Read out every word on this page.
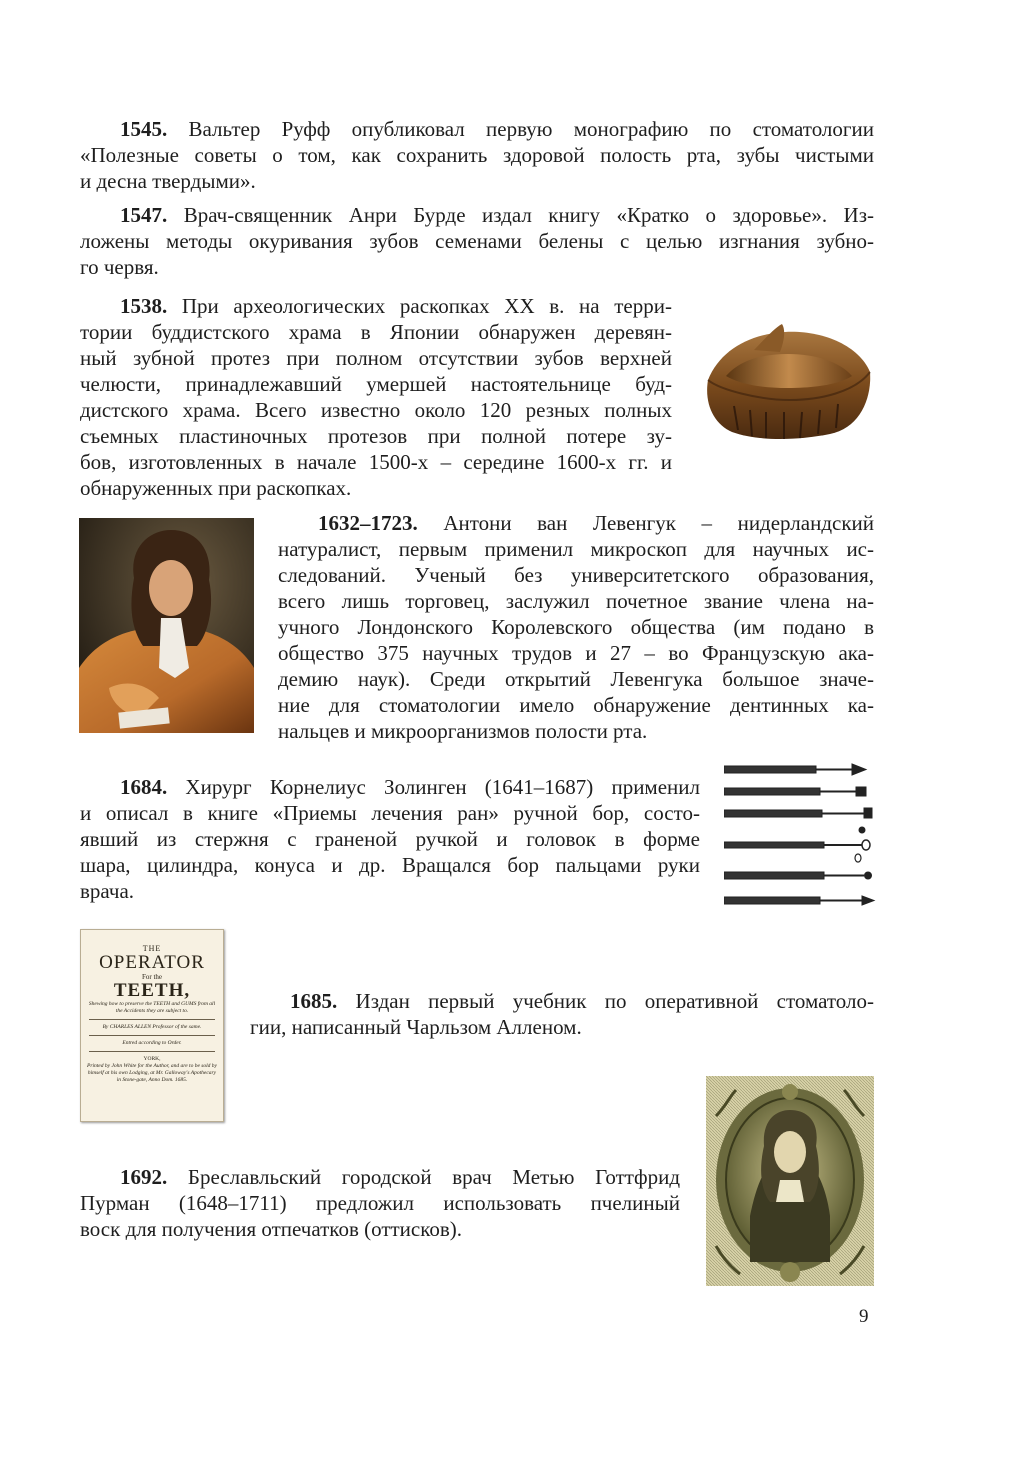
1545. Вальтер Руфф опубликовал первую монографию по стоматологии
«Полезные советы о том, как сохранить здоровой полость рта, зубы чистыми
и десна твердыми».
1547. Врач-священник Анри Бурде издал книгу «Кратко о здоровье». Из-
ложены методы окуривания зубов семенами белены с целью изгнания зубно-
го червя.
1538. При археологических раскопках XX в. на терри-
тории буддистского храма в Японии обнаружен деревян-
ный зубной протез при полном отсутствии зубов верхней
челюсти, принадлежавший умершей настоятельнице буд-
дистского храма. Всего известно около 120 резных полных
съемных пластиночных протезов при полной потере зу-
бов, изготовленных в начале 1500-х – середине 1600-х гг. и
обнаруженных при раскопках.
1632–1723. Антони ван Левенгук – нидерландский
натуралист, первым применил микроскоп для научных ис-
следований. Ученый без университетского образования,
всего лишь торговец, заслужил почетное звание члена на-
учного Лондонского Королевского общества (им подано в
общество 375 научных трудов и 27 – во Французскую ака-
демию наук). Среди открытий Левенгука большое значе-
ние для стоматологии имело обнаружение дентинных ка-
нальцев и микроорганизмов полости рта.
1684. Хирург Корнелиус Золинген (1641–1687) применил
и описал в книге «Приемы лечения ран» ручной бор, состо-
явший из стержня с граненой ручкой и головок в форме
шара, цилиндра, конуса и др. Вращался бор пальцами руки
врача.
THE
OPERATOR
For the
TEETH,
Shewing how to preserve the TEETH and GUMS from all the Accidents they are subject to.
By CHARLES ALLEN Professor of the same.
Entred according to Order.
YORK,
Printed by John White for the Author, and are to be sold by himself at his own Lodging, at Mr. Galloway's Apothecary in Stone-gate, Anno Dom. 1685.
1685. Издан первый учебник по оперативной стоматоло-
гии, написанный Чарльзом Алленом.
1692. Бреславльский городской врач Метью Готтфрид
Пурман (1648–1711) предложил использовать пчелиный
воск для получения отпечатков (оттисков).
9
